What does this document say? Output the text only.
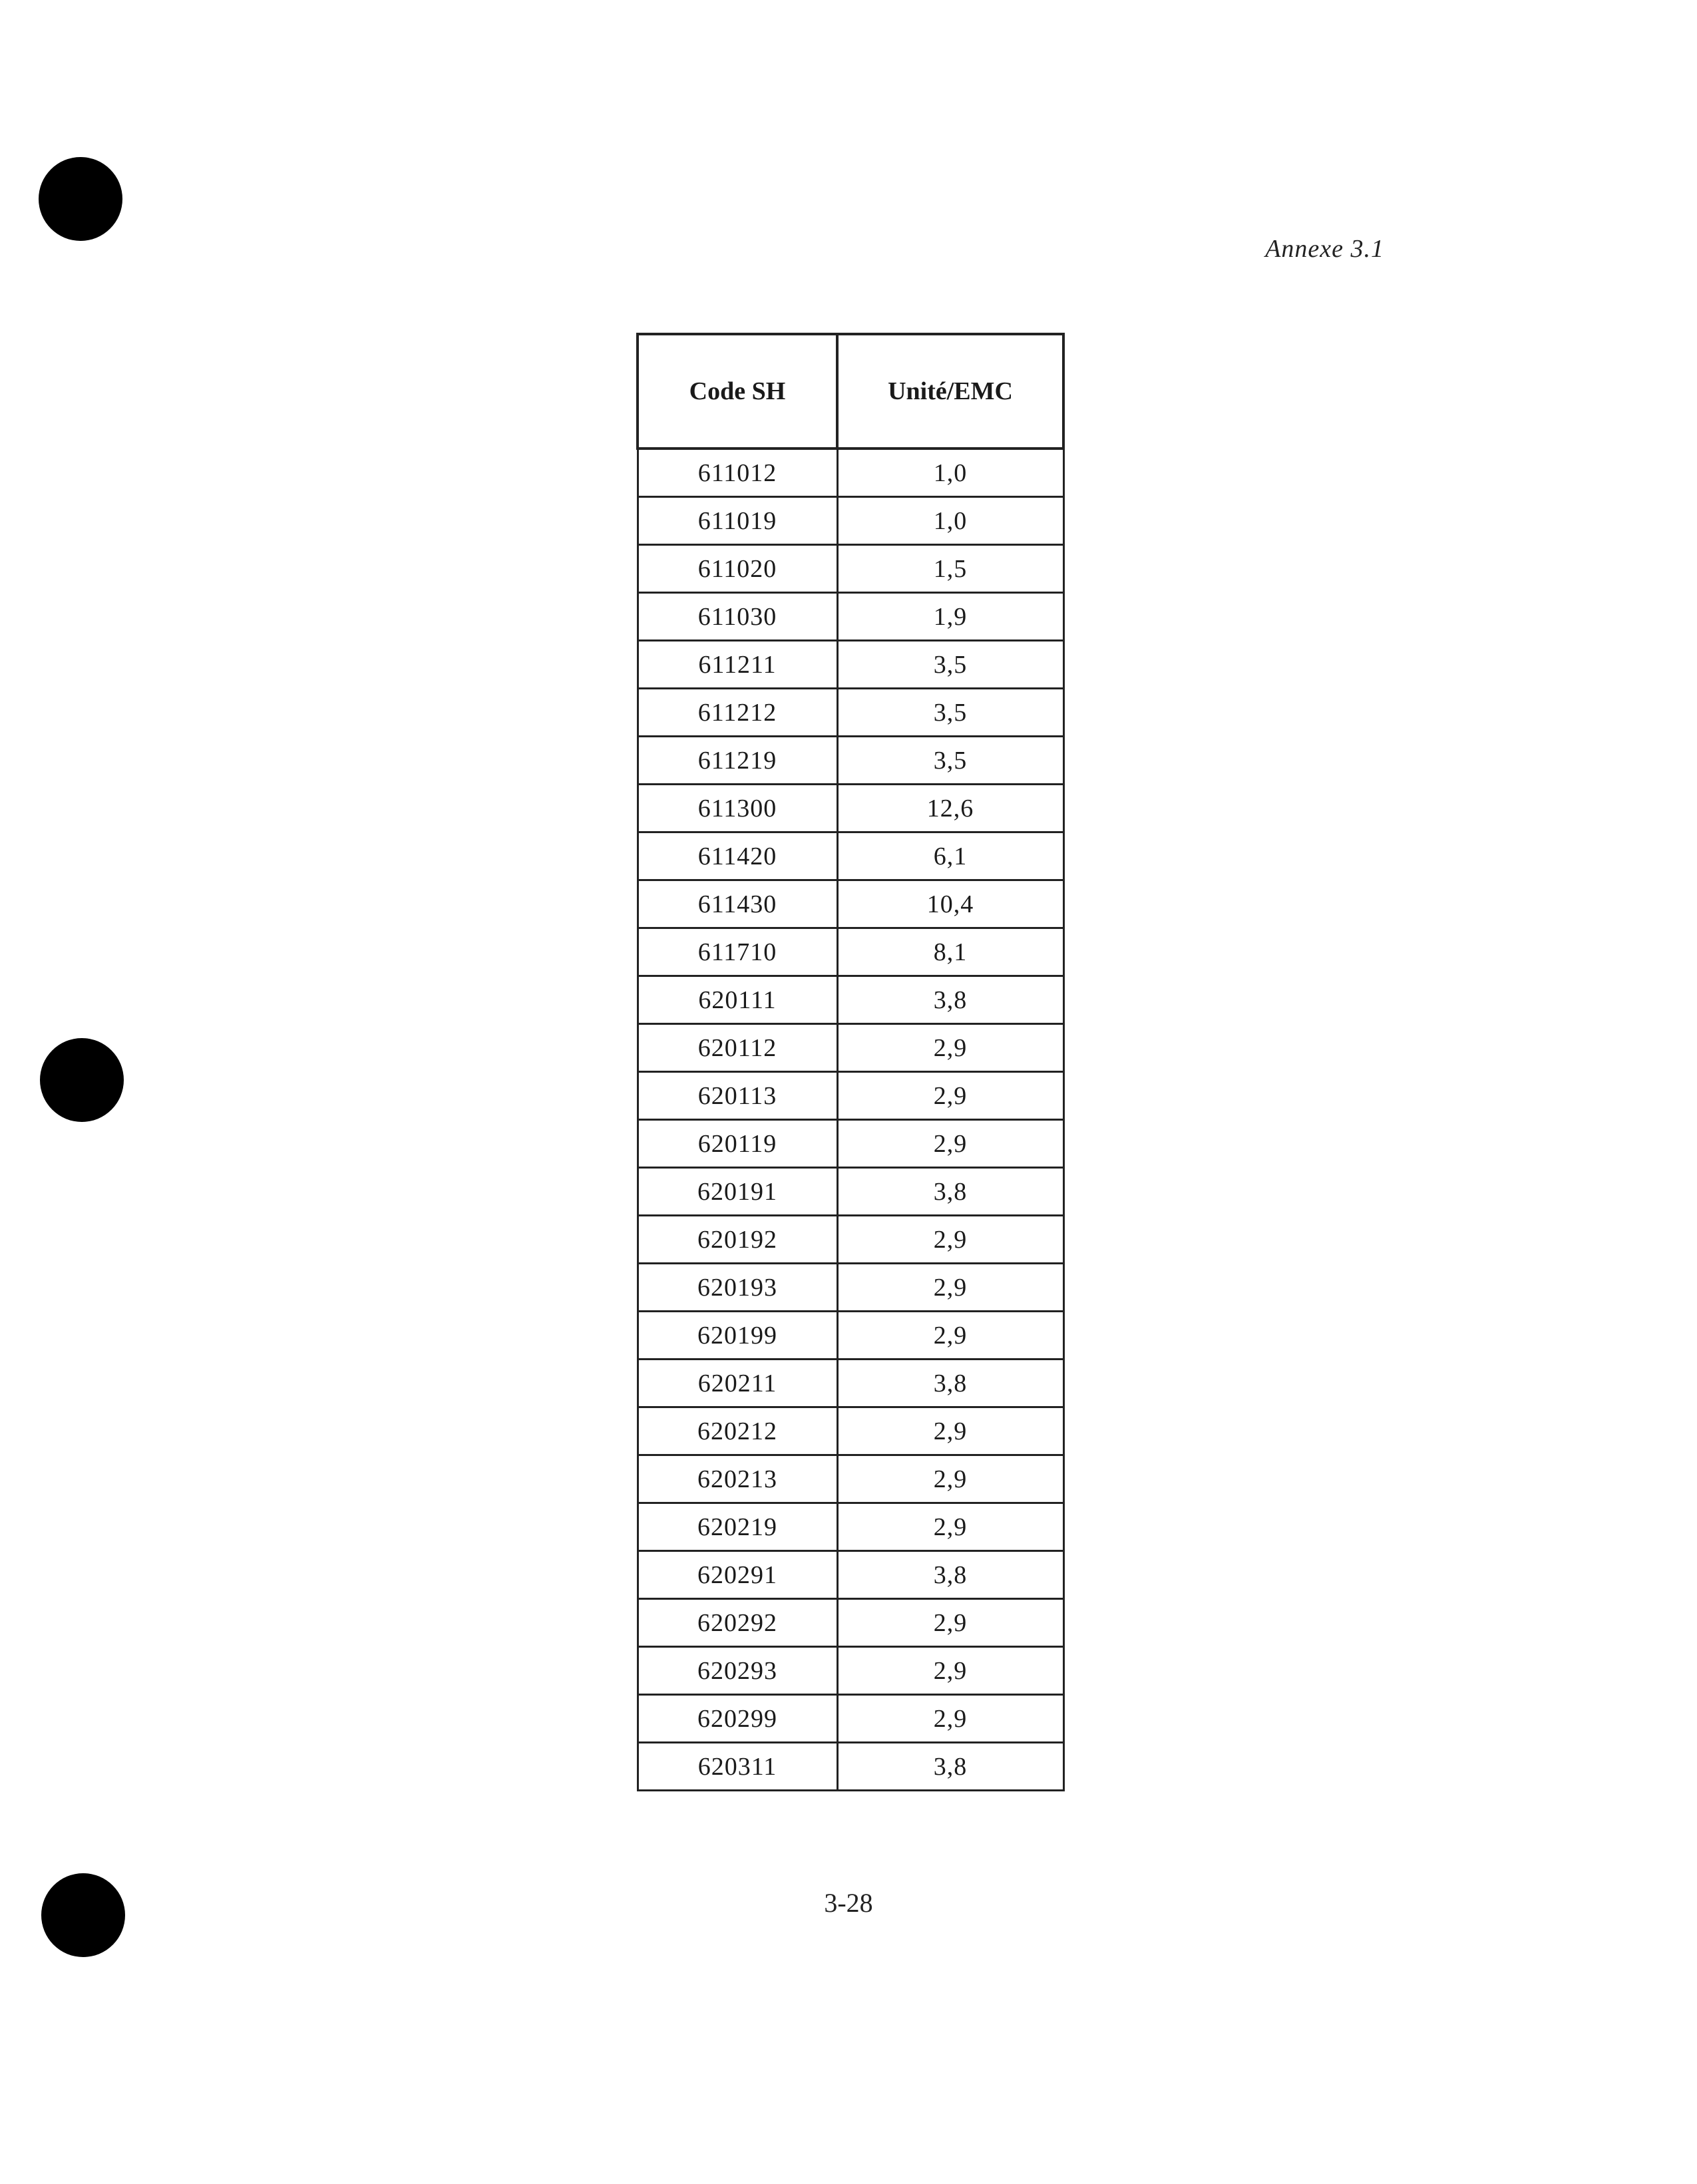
Annexe 3.1
Code SH	Unité/EMC
611012	1,0
611019	1,0
611020	1,5
611030	1,9
611211	3,5
611212	3,5
611219	3,5
611300	12,6
611420	6,1
611430	10,4
611710	8,1
620111	3,8
620112	2,9
620113	2,9
620119	2,9
620191	3,8
620192	2,9
620193	2,9
620199	2,9
620211	3,8
620212	2,9
620213	2,9
620219	2,9
620291	3,8
620292	2,9
620293	2,9
620299	2,9
620311	3,8
3-28
